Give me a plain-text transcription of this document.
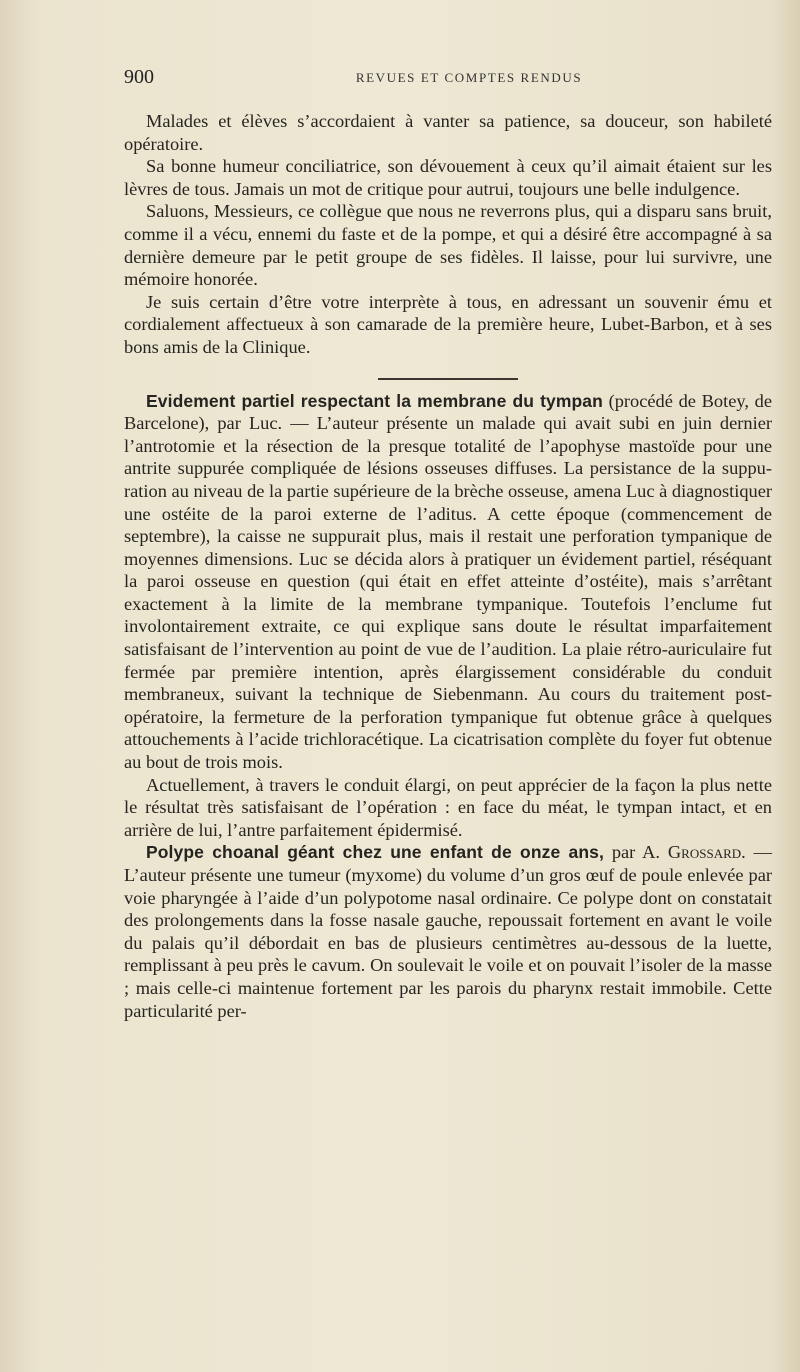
900	REVUES ET COMPTES RENDUS

Malades et élèves s’accordaient à vanter sa patience, sa douceur, son habileté opératoire.

Sa bonne humeur conciliatrice, son dévouement à ceux qu’il aimait étaient sur les lèvres de tous. Jamais un mot de critique pour autrui, toujours une belle indulgence.

Saluons, Messieurs, ce collègue que nous ne reverrons plus, qui a disparu sans bruit, comme il a vécu, ennemi du faste et de la pompe, et qui a désiré être accompagné à sa dernière demeure par le petit groupe de ses fidèles. Il laisse, pour lui survivre, une mémoire honorée.

Je suis certain d’être votre interprète à tous, en adressant un souvenir ému et cordialement affectueux à son camarade de la première heure, Lubet-Barbon, et à ses bons amis de la Clinique.

Evidement partiel respectant la membrane du tympan (procédé de Botey, de Barcelone), par Luc. — L’auteur présente un malade qui avait subi en juin dernier l’antrotomie et la résection de la presque totalité de l’apophyse mastoïde pour une antrite suppurée compliquée de lésions osseuses diffuses. La persistance de la suppuration au niveau de la partie supérieure de la brèche osseuse, amena Luc à diagnostiquer une ostéite de la paroi externe de l’aditus. A cette époque (commencement de septembre), la caisse ne suppurait plus, mais il restait une perforation tympanique de moyennes dimensions. Luc se décida alors à pratiquer un évidement partiel, réséquant la paroi osseuse en question (qui était en effet atteinte d’ostéite), mais s’arrêtant exactement à la limite de la membrane tympanique. Toutefois l’enclume fut involontairement extraite, ce qui explique sans doute le résultat imparfaitement satisfaisant de l’intervention au point de vue de l’audition. La plaie rétro-auriculaire fut fermée par première intention, après élargissement considérable du conduit membraneux, suivant la technique de Siebenmann. Au cours du traitement post-opératoire, la fermeture de la perforation tympanique fut obtenue grâce à quelques attouchements à l’acide trichloracétique. La cicatrisation complète du foyer fut obtenue au bout de trois mois.

Actuellement, à travers le conduit élargi, on peut apprécier de la façon la plus nette le résultat très satisfaisant de l’opération : en face du méat, le tympan intact, et en arrière de lui, l’antre parfaitement épidermisé.

Polype choanal géant chez une enfant de onze ans, par A. Grossard. — L’auteur présente une tumeur (myxome) du volume d’un gros œuf de poule enlevée par voie pharyngée à l’aide d’un polypotome nasal ordinaire. Ce polype dont on constatait des prolongements dans la fosse nasale gauche, repoussait fortement en avant le voile du palais qu’il débordait en bas de plusieurs centimètres au-dessous de la luette, remplissant à peu près le cavum. On soulevait le voile et on pouvait l’isoler de la masse ; mais celle-ci maintenue fortement par les parois du pharynx restait immobile. Cette particularité per-
